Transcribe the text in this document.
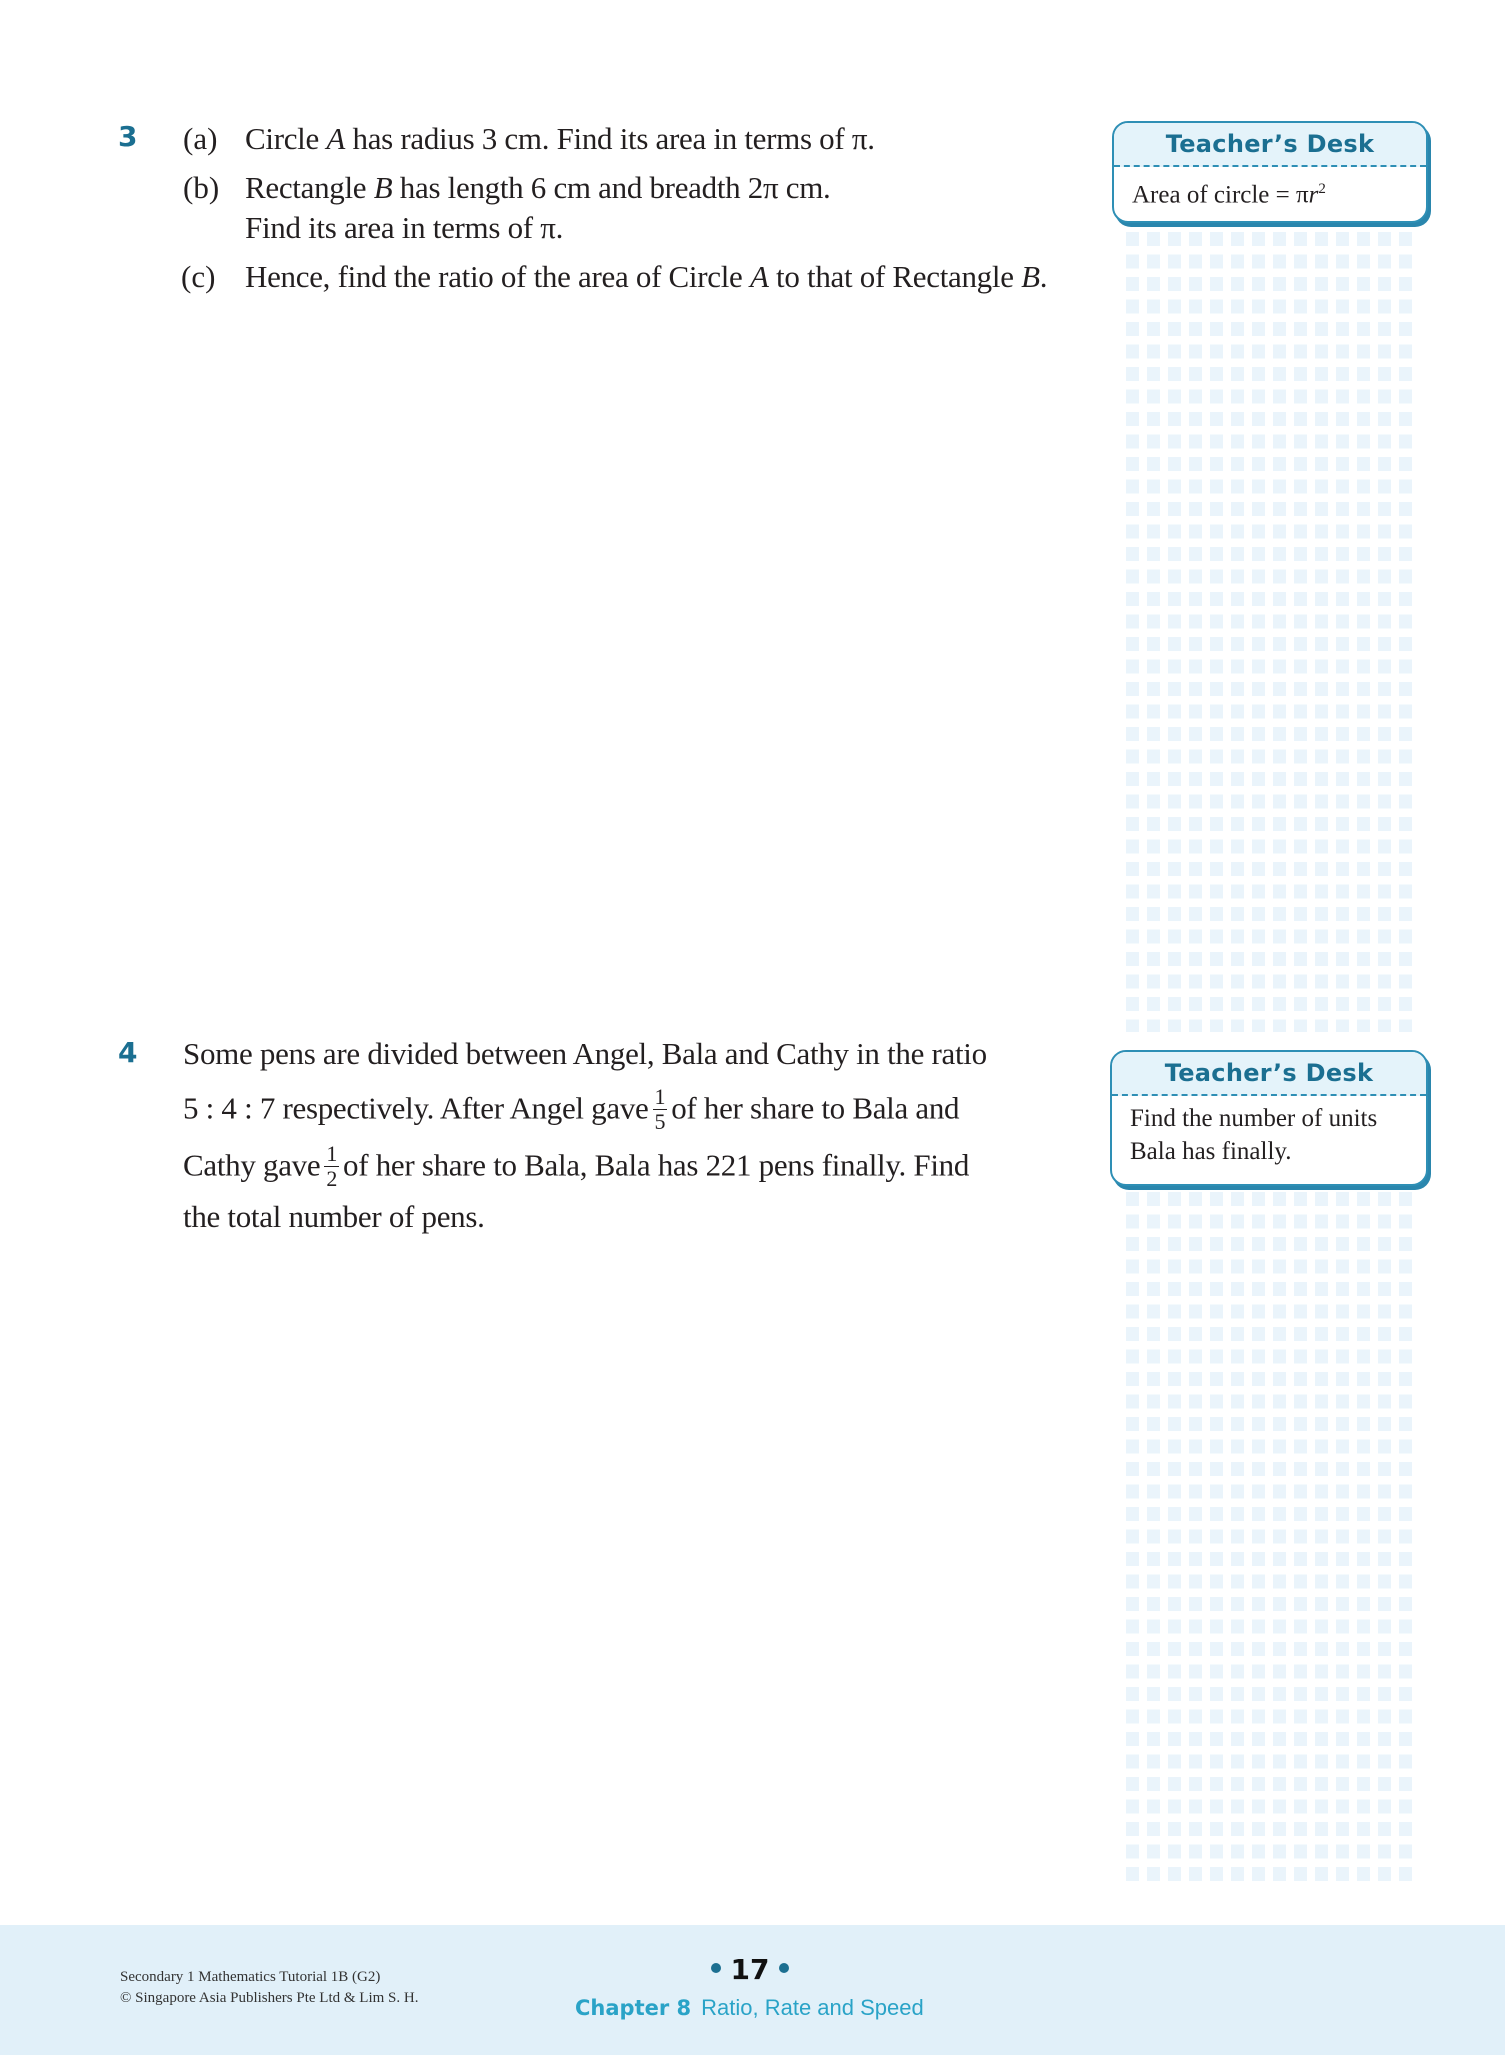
3 (a) Circle A has radius 3 cm. Find its area in terms of π.
(b) Rectangle B has length 6 cm and breadth 2π cm.
Find its area in terms of π.
(c) Hence, find the ratio of the area of Circle A to that of Rectangle B.
Teacher’s Desk
Area of circle = $\pi r^2$
4 Some pens are divided between Angel, Bala and Cathy in the ratio
5 : 4 : 7 respectively. After Angel gave $\frac{1}{5}$ of her share to Bala and
Cathy gave $\frac{1}{2}$ of her share to Bala, Bala has 221 pens finally. Find
the total number of pens.
Teacher’s Desk
Find the number of units
Bala has finally.
Secondary 1 Mathematics Tutorial 1B (G2)
© Singapore Asia Publishers Pte Ltd & Lim S. H.
17
Chapter 8 Ratio, Rate and Speed
